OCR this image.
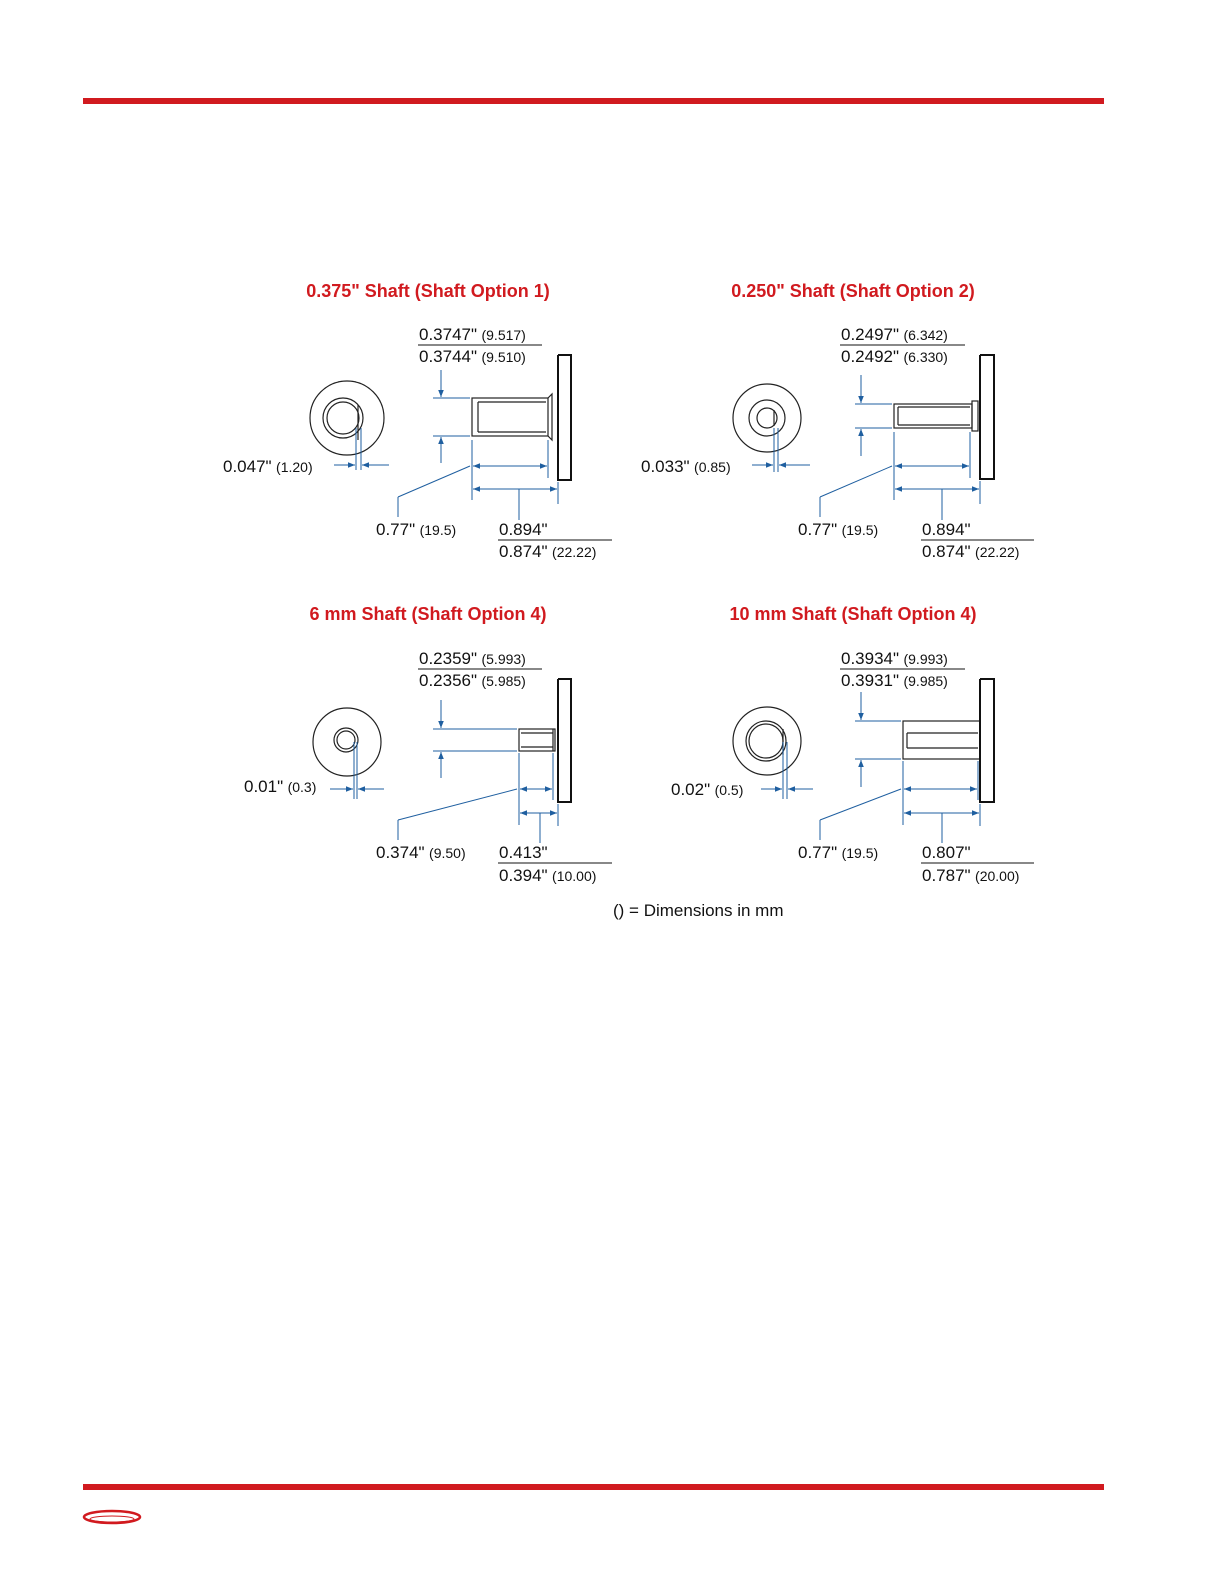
0.375" Shaft (Shaft Option 1)
0.047" (1.20)
0.3747" (9.517)
0.3744" (9.510)
0.77" (19.5)	0.894"
0.874" (22.22)
0.250" Shaft (Shaft Option 2)
0.033" (0.85)
0.2497" (6.342)
0.2492" (6.330)
0.77" (19.5)	0.894"
0.874" (22.22)
6 mm Shaft (Shaft Option 4)
0.01" (0.3)
0.2359" (5.993)
0.2356" (5.985)
0.374" (9.50) 0.413"
0.394" (10.00)
10 mm Shaft (Shaft Option 4)
0.02" (0.5)
0.3934" (9.993)
0.3931" (9.985)
0.77" (19.5)	0.807"
0.787" (20.00)
() = Dimensions in mm
